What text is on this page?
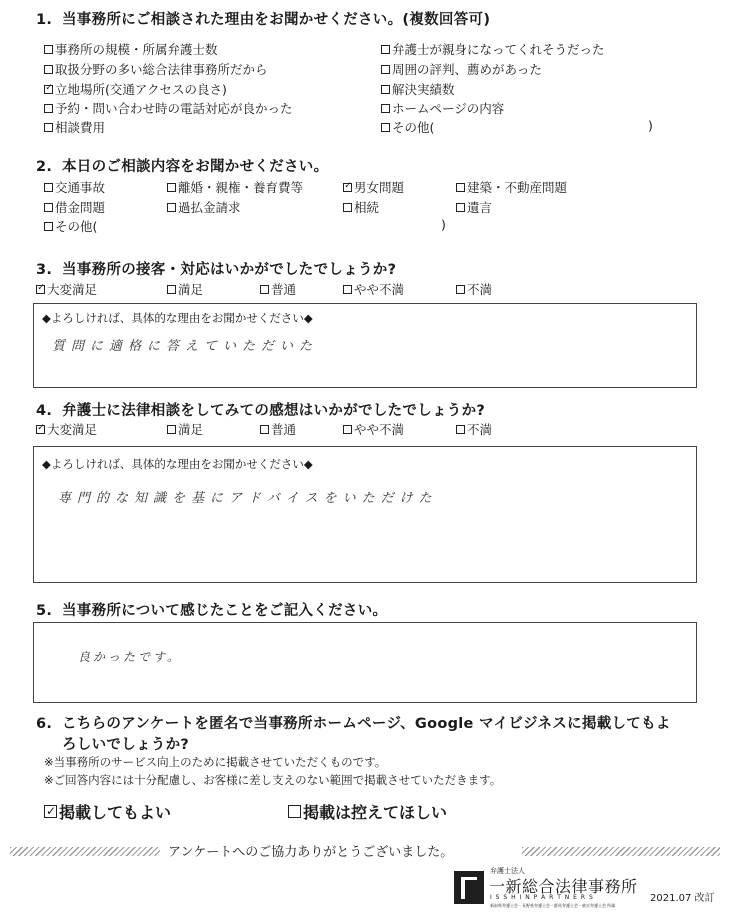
1. 当事務所にご相談された理由をお聞かせください。(複数回答可)
事務所の規模・所属弁護士数
取扱分野の多い総合法律事務所だから
✓
立地場所(交通アクセスの良さ)
予約・問い合わせ時の電話対応が良かった
相談費用
弁護士が親身になってくれそうだった
周囲の評判、薦めがあった
解決実績数
ホームページの内容
その他(	)
2. 本日のご相談内容をお聞かせください。
交通事故	離婚・親権・養育費等
✓	男女問題	建築・不動産問題
借金問題	過払金請求	相続	遺言
その他(	)
3. 当事務所の接客・対応はいかがでしたでしょうか?
✓
大変満足	満足	普通	やや不満	不満
◆よろしければ、具体的な理由をお聞かせください◆
質問に適格に答えていただいた
4. 弁護士に法律相談をしてみての感想はいかがでしたでしょうか?
✓
大変満足	満足	普通	やや不満	不満
◆よろしければ、具体的な理由をお聞かせください◆
専門的な知識を基にアドバイスをいただけた
5. 当事務所について感じたことをご記入ください。
良かったです。
6. こちらのアンケートを匿名で当事務所ホームページ、Google マイビジネスに掲載してもよ
ろしいでしょうか?
※当事務所のサービス向上のために掲載させていただくものです。
※ご回答内容には十分配慮し、お客様に差し支えのない範囲で掲載させていただきます。
✓
掲載してもよい	掲載は控えてほしい
アンケートへのご協力ありがとうございました。
弁護士法人
一新総合法律事務所
I S S H I N P A R T N E R S
新潟県弁護士会・長野県弁護士会・群馬弁護士会・東京弁護士会 所属
2021.07 改訂
